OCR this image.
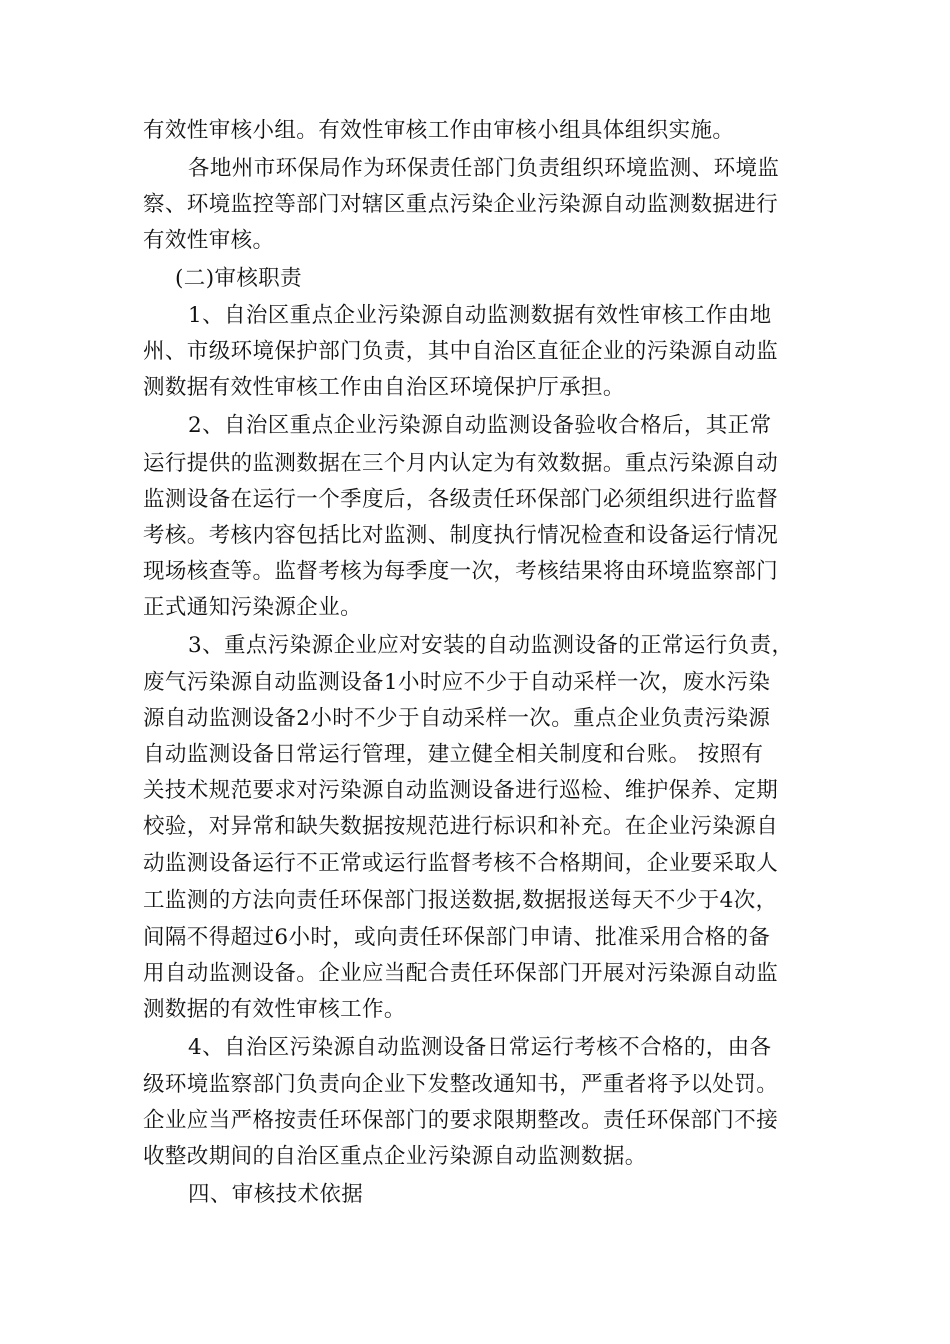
有效性审核小组。有效性审核工作由审核小组具体组织实施。
各地州市环保局作为环保责任部门负责组织环境监测、环境监
察、环境监控等部门对辖区重点污染企业污染源自动监测数据进行
有效性审核。
(二)审核职责
1、自治区重点企业污染源自动监测数据有效性审核工作由地
州、市级环境保护部门负责，其中自治区直征企业的污染源自动监
测数据有效性审核工作由自治区环境保护厅承担。
2、自治区重点企业污染源自动监测设备验收合格后，其正常
运行提供的监测数据在三个月内认定为有效数据。重点污染源自动
监测设备在运行一个季度后，各级责任环保部门必须组织进行监督
考核。考核内容包括比对监测、制度执行情况检查和设备运行情况
现场核查等。监督考核为每季度一次，考核结果将由环境监察部门
正式通知污染源企业。
3、重点污染源企业应对安装的自动监测设备的正常运行负责，
废气污染源自动监测设备1小时应不少于自动采样一次，废水污染
源自动监测设备2小时不少于自动采样一次。重点企业负责污染源
自动监测设备日常运行管理，建立健全相关制度和台账。 按照有
关技术规范要求对污染源自动监测设备进行巡检、维护保养、定期
校验，对异常和缺失数据按规范进行标识和补充。在企业污染源自
动监测设备运行不正常或运行监督考核不合格期间，企业要采取人
工监测的方法向责任环保部门报送数据,数据报送每天不少于4次，
间隔不得超过6小时，或向责任环保部门申请、批准采用合格的备
用自动监测设备。企业应当配合责任环保部门开展对污染源自动监
测数据的有效性审核工作。
4、自治区污染源自动监测设备日常运行考核不合格的，由各
级环境监察部门负责向企业下发整改通知书，严重者将予以处罚。
企业应当严格按责任环保部门的要求限期整改。责任环保部门不接
收整改期间的自治区重点企业污染源自动监测数据。
四、审核技术依据
